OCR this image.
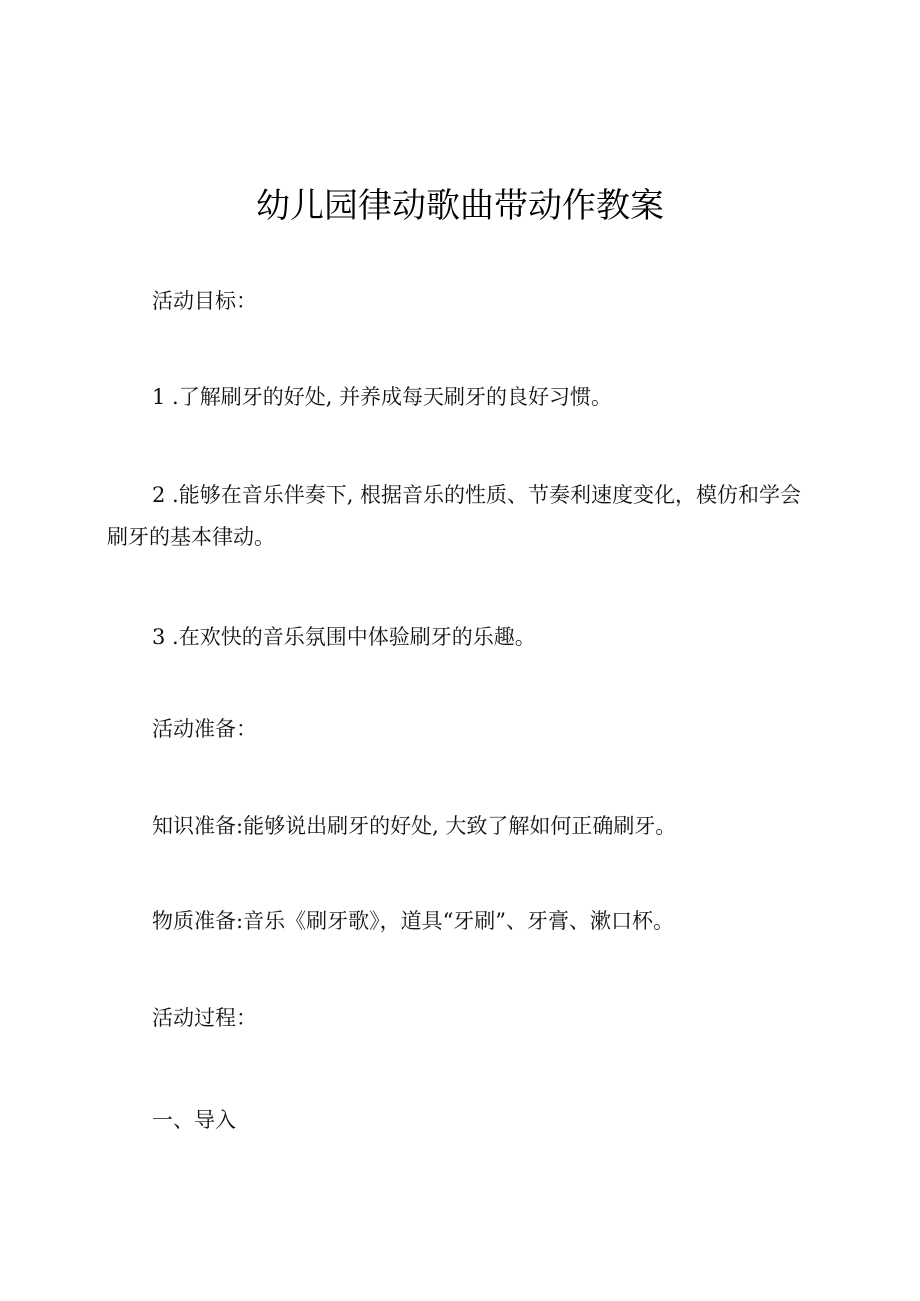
幼儿园律动歌曲带动作教案
活动目标：
1 .了解刷牙的好处, 并养成每天刷牙的良好习惯。
2 .能够在音乐伴奏下, 根据音乐的性质、节奏利速度变化，模仿和学会刷牙的基本律动。
3 .在欢快的音乐氛围中体验刷牙的乐趣。
活动准备：
知识准备:能够说出刷牙的好处, 大致了解如何正确刷牙。
物质准备:音乐《刷牙歌》，道具“牙刷”、牙膏、漱口杯。
活动过程：
一、导入
